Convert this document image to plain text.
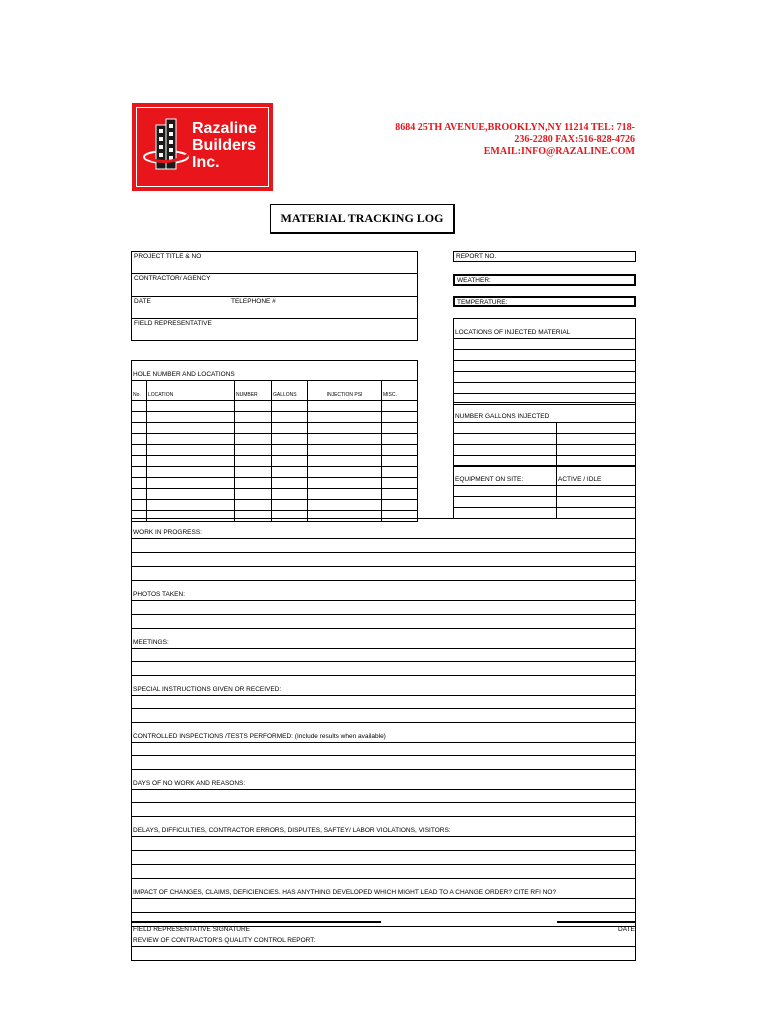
Razaline
Builders
Inc.
8684 25TH AVENUE,BROOKLYN,NY 11214 TEL: 718-
236-2280 FAX:516-828-4726
EMAIL:INFO@RAZALINE.COM
MATERIAL TRACKING LOG
PROJECT TITLE & NO
CONTRACTOR/ AGENCY
DATE	TELEPHONE #
FIELD REPRESENTATIVE
REPORT NO.
WEATHER:
TEMPERATURE:
LOCATIONS OF INJECTED MATERIAL

NUMBER GALLONS INJECTED	

EQUIPMENT ON SITE:	ACTIVE / IDLE

HOLE NUMBER AND LOCATIONS					
No.	LOCATION	NUMBER	GALLONS	INJECTION PSI	MISC.

WORK IN PROGRESS:

PHOTOS TAKEN:

MEETINGS:

SPECIAL INSTRUCTIONS GIVEN OR RECEIVED:

CONTROLLED INSPECTIONS /TESTS PERFORMED: (Include results when available)

DAYS OF NO WORK AND REASONS:

DELAYS, DIFFICULTIES, CONTRACTOR ERRORS, DISPUTES, SAFTEY/ LABOR VIOLATIONS, VISITORS:

IMPACT OF CHANGES, CLAIMS, DEFICIENCIES. HAS ANYTHING DEVELOPED WHICH MIGHT LEAD TO A CHANGE ORDER? CITE RFI NO?

REVIEW OF CONTRACTOR'S QUALITY CONTROL REPORT:

FIELD REPRESENTATIVE SIGNATURE	DATE
